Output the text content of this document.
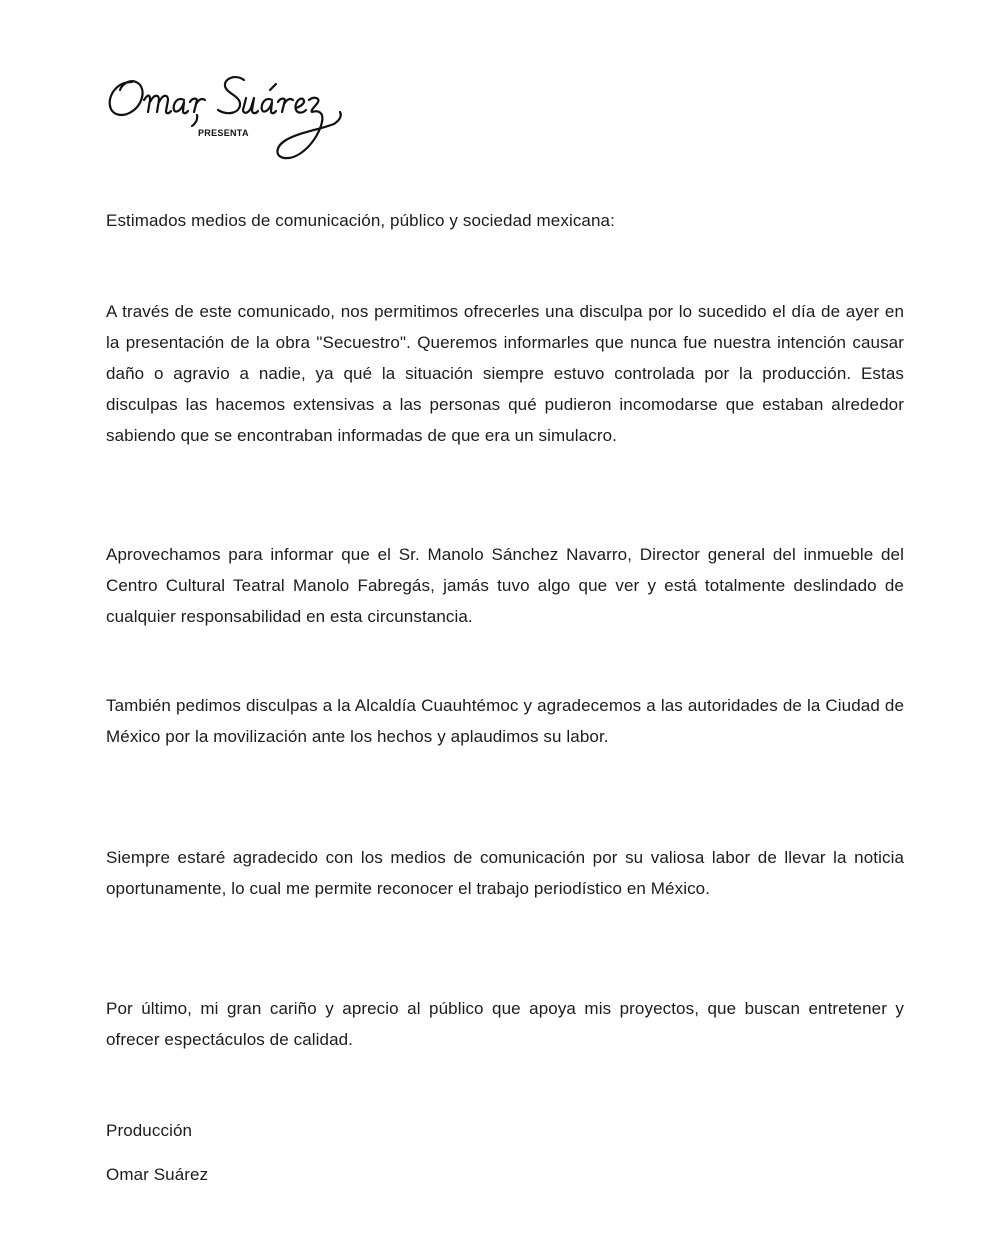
PRESENTA
Estimados medios de comunicación, público y sociedad mexicana:
A través de este comunicado, nos permitimos ofrecerles una disculpa por lo sucedido el día de ayer en la presentación de la obra "Secuestro". Queremos informarles que nunca fue nuestra intención causar daño o agravio a nadie, ya qué la situación siempre estuvo controlada por la producción. Estas disculpas las hacemos extensivas a las personas qué pudieron incomodarse que estaban alrededor sabiendo que se encontraban informadas de que era un simulacro.
Aprovechamos para informar que el Sr. Manolo Sánchez Navarro, Director general del inmueble del Centro Cultural Teatral Manolo Fabregás, jamás tuvo algo que ver y está totalmente deslindado de cualquier responsabilidad en esta circunstancia.
También pedimos disculpas a la Alcaldía Cuauhtémoc y agradecemos a las autoridades de la Ciudad de México por la movilización ante los hechos y aplaudimos su labor.
Siempre estaré agradecido con los medios de comunicación por su valiosa labor de llevar la noticia oportunamente, lo cual me permite reconocer el trabajo periodístico en México.
Por último, mi gran cariño y aprecio al público que apoya mis proyectos, que buscan entretener y ofrecer espectáculos de calidad.
Producción
Omar Suárez
